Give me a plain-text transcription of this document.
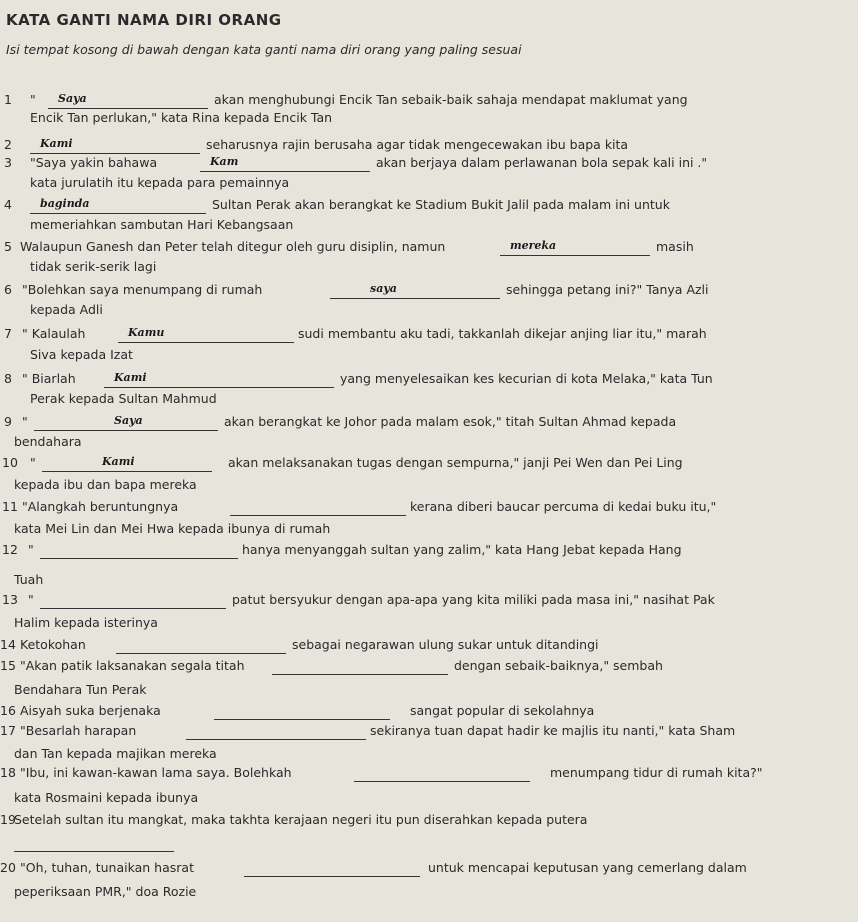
KATA GANTI NAMA DIRI ORANG
Isi tempat kosong di bawah dengan kata ganti nama diri orang yang paling sesuai
1 " Saya	akan menghubungi Encik Tan sebaik-baik sahaja mendapat maklumat yang
Encik Tan perlukan," kata Rina kepada Encik Tan
2	Kami	seharusnya rajin berusaha agar tidak mengecewakan ibu bapa kita
3 "Saya yakin bahawa	Kam	akan berjaya dalam perlawanan bola sepak kali ini ."
kata jurulatih itu kepada para pemainnya
4	baginda	Sultan Perak akan berangkat ke Stadium Bukit Jalil pada malam ini untuk
memeriahkan sambutan Hari Kebangsaan
5 Walaupun Ganesh dan Peter telah ditegur oleh guru disiplin, namun	mereka	masih
tidak serik-serik lagi
6 "Bolehkan saya menumpang di rumah	saya	sehingga petang ini?" Tanya Azli
kepada Adli
7 " Kalaulah	Kamu	sudi membantu aku tadi, takkanlah dikejar anjing liar itu," marah
Siva kepada Izat
8 " Biarlah	Kami	yang menyelesaikan kes kecurian di kota Melaka," kata Tun
Perak kepada Sultan Mahmud
9 "	Saya	akan berangkat ke Johor pada malam esok," titah Sultan Ahmad kepada
bendahara
10 "	Kami	akan melaksanakan tugas dengan sempurna," janji Pei Wen dan Pei Ling
kepada ibu dan bapa mereka
11 "Alangkah beruntungnya	kerana diberi baucar percuma di kedai buku itu,"
kata Mei Lin dan Mei Hwa kepada ibunya di rumah
12 "	hanya menyanggah sultan yang zalim," kata Hang Jebat kepada Hang
Tuah
13 "	patut bersyukur dengan apa-apa yang kita miliki pada masa ini," nasihat Pak
Halim kepada isterinya
14 Ketokohan	sebagai negarawan ulung sukar untuk ditandingi
15 "Akan patik laksanakan segala titah	dengan sebaik-baiknya," sembah
Bendahara Tun Perak
16 Aisyah suka berjenaka	sangat popular di sekolahnya
17 "Besarlah harapan	sekiranya tuan dapat hadir ke majlis itu nanti," kata Sham
dan Tan kepada majikan mereka
18 "Ibu, ini kawan-kawan lama saya. Bolehkah	menumpang tidur di rumah kita?"
kata Rosmaini kepada ibunya
19
Setelah sultan itu mangkat, maka takhta kerajaan negeri itu pun diserahkan kepada putera
20 "Oh, tuhan, tunaikan hasrat	untuk mencapai keputusan yang cemerlang dalam
peperiksaan PMR," doa Rozie
